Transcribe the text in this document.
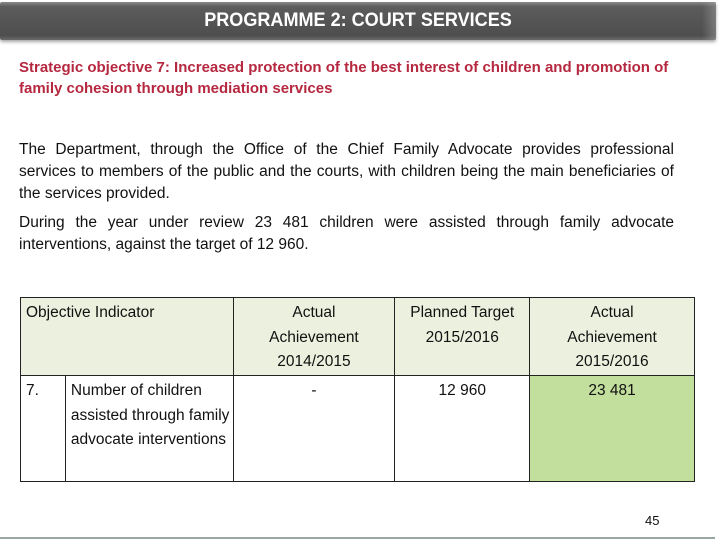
PROGRAMME 2: COURT SERVICES
Strategic objective 7: Increased protection of the best interest of children and promotion of family cohesion through mediation services
The Department, through the Office of the Chief Family Advocate provides professional services to members of the public and the courts, with children being the main beneficiaries of the services provided.
During the year under review 23 481 children were assisted through family advocate interventions, against the target of 12 960.
Objective Indicator		Actual Achievement 2014/2015	Planned Target 2015/2016	Actual Achievement 2015/2016
7.	Number of children assisted through family advocate interventions	-	12 960	23 481
45
